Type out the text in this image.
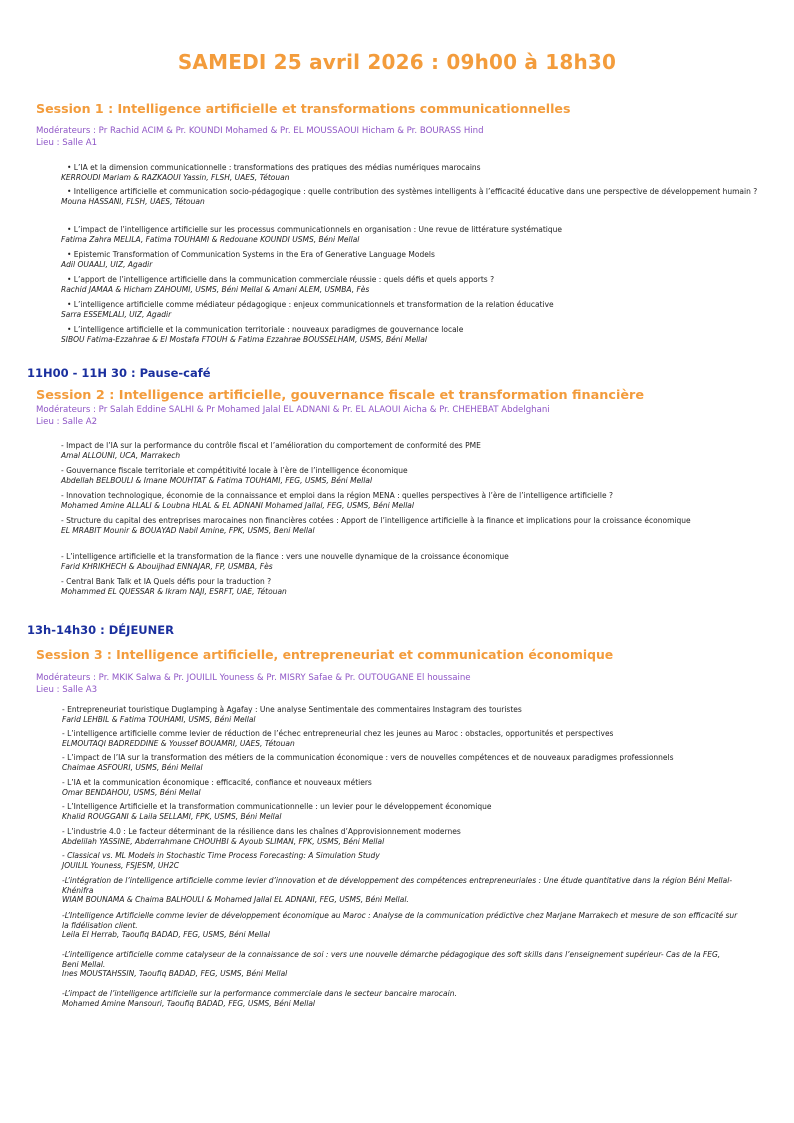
SAMEDI 25 avril 2026 : 09h00 à 18h30
Session 1 : Intelligence artificielle et transformations communicationnelles
Modérateurs : Pr Rachid ACIM & Pr. KOUNDI Mohamed & Pr. EL MOUSSAOUI Hicham & Pr. BOURASS Hind
Lieu : Salle A1
• L’IA et la dimension communicationnelle : transformations des pratiques des médias numériques marocains
KERROUDI Mariam & RAZKAOUI Yassin, FLSH, UAES, Tétouan
• Intelligence artificielle et communication socio-pédagogique : quelle contribution des systèmes intelligents à l’efficacité éducative dans une perspective de développement humain ?
Mouna HASSANI, FLSH, UAES, Tétouan
• L’impact de l’intelligence artificielle sur les processus communicationnels en organisation : Une revue de littérature systématique
Fatima Zahra MELILA, Fatima TOUHAMI & Redouane KOUNDI USMS, Béni Mellal
• Epistemic Transformation of Communication Systems in the Era of Generative Language Models
Adil OUAALI, UIZ, Agadir
• L’apport de l’intelligence artificielle dans la communication commerciale réussie : quels défis et quels apports ?
Rachid JAMAA & Hicham ZAHOUMI, USMS, Béni Mellal & Amani ALEM, USMBA, Fès
• L’intelligence artificielle comme médiateur pédagogique : enjeux communicationnels et transformation de la relation éducative
Sarra ESSEMLALI, UIZ, Agadir
• L’intelligence artificielle et la communication territoriale : nouveaux paradigmes de gouvernance locale
SIBOU Fatima-Ezzahrae & El Mostafa FTOUH & Fatima Ezzahrae BOUSSELHAM, USMS, Béni Mellal
11H00 - 11H 30 : Pause-café
Session 2 : Intelligence artificielle, gouvernance fiscale et transformation financière
Modérateurs : Pr Salah Eddine SALHI & Pr Mohamed Jalal EL ADNANI & Pr. EL ALAOUI Aicha & Pr. CHEHEBAT Abdelghani
Lieu : Salle A2
- Impact de l’IA sur la performance du contrôle fiscal et l’amélioration du comportement de conformité des PME
Amal ALLOUNI, UCA, Marrakech
- Gouvernance fiscale territoriale et compétitivité locale à l’ère de l’intelligence économique
Abdellah BELBOULI & Imane MOUHTAT & Fatima TOUHAMI, FEG, USMS, Béni Mellal
- Innovation technologique, économie de la connaissance et emploi dans la région MENA : quelles perspectives à l’ère de l’intelligence artificielle ?
Mohamed Amine ALLALI & Loubna HLAL & EL ADNANI Mohamed Jallal, FEG, USMS, Béni Mellal
- Structure du capital des entreprises marocaines non financières cotées : Apport de l’intelligence artificielle à la finance et implications pour la croissance économique
EL MRABIT Mounir & BOUAYAD Nabil Amine, FPK, USMS, Beni Mellal
- L’intelligence artificielle et la transformation de la fiance : vers une nouvelle dynamique de la croissance économique
Farid KHRIKHECH & Abouijhad ENNAJAR, FP, USMBA, Fès
- Central Bank Talk et IA Quels défis pour la traduction ?
Mohammed EL QUESSAR & Ikram NAJI, ESRFT, UAE, Tétouan
13h-14h30 : DÉJEUNER
Session 3 : Intelligence artificielle, entrepreneuriat et communication économique
Modérateurs : Pr. MKIK Salwa & Pr. JOUILIL Youness & Pr. MISRY Safae & Pr. OUTOUGANE El houssaine
Lieu : Salle A3
- Entrepreneuriat touristique Duglamping à Agafay : Une analyse Sentimentale des commentaires Instagram des touristes
Farid LEHBIL & Fatima TOUHAMI, USMS, Béni Mellal
- L’intelligence artificielle comme levier de réduction de l’échec entrepreneurial chez les jeunes au Maroc : obstacles, opportunités et perspectives
ELMOUTAQI BADREDDINE & Youssef BOUAMRI, UAES, Tétouan
- L’impact de l’IA sur la transformation des métiers de la communication économique : vers de nouvelles compétences et de nouveaux paradigmes professionnels
Chaimae ASFOURI, USMS, Béni Mellal
- L’IA et la communication économique : efficacité, confiance et nouveaux métiers
Omar BENDAHOU, USMS, Béni Mellal
- L’Intelligence Artificielle et la transformation communicationnelle : un levier pour le développement économique
Khalid ROUGGANI & Laila SELLAMI, FPK, USMS, Béni Mellal
- L’industrie 4.0 : Le facteur déterminant de la résilience dans les chaînes d’Approvisionnement modernes
Abdelilah YASSINE, Abderrahmane CHOUHBI & Ayoub SLIMAN, FPK, USMS, Béni Mellal
- Classical vs. ML Models in Stochastic Time Process Forecasting: A Simulation Study
JOUILIL Youness, FSJESM, UH2C
-L’intégration de l’intelligence artificielle comme levier d’innovation et de développement des compétences entrepreneuriales : Une étude quantitative dans la région Béni Mellal-Khénifra
WIAM BOUNAMA & Chaima BALHOULI & Mohamed Jallal EL ADNANI, FEG, USMS, Béni Mellal.
-L’Intelligence Artificielle comme levier de développement économique au Maroc : Analyse de la communication prédictive chez Marjane Marrakech et mesure de son efficacité sur la fidélisation client.
Leila El Herrab, Taoufiq BADAD, FEG, USMS, Béni Mellal
-L’intelligence artificielle comme catalyseur de la connaissance de soi : vers une nouvelle démarche pédagogique des soft skills dans l’enseignement supérieur- Cas de la FEG, Beni Mellal.
Ines MOUSTAHSSIN, Taoufiq BADAD, FEG, USMS, Béni Mellal
-L’impact de l’intelligence artificielle sur la performance commerciale dans le secteur bancaire marocain.
Mohamed Amine Mansouri, Taoufiq BADAD, FEG, USMS, Béni Mellal
